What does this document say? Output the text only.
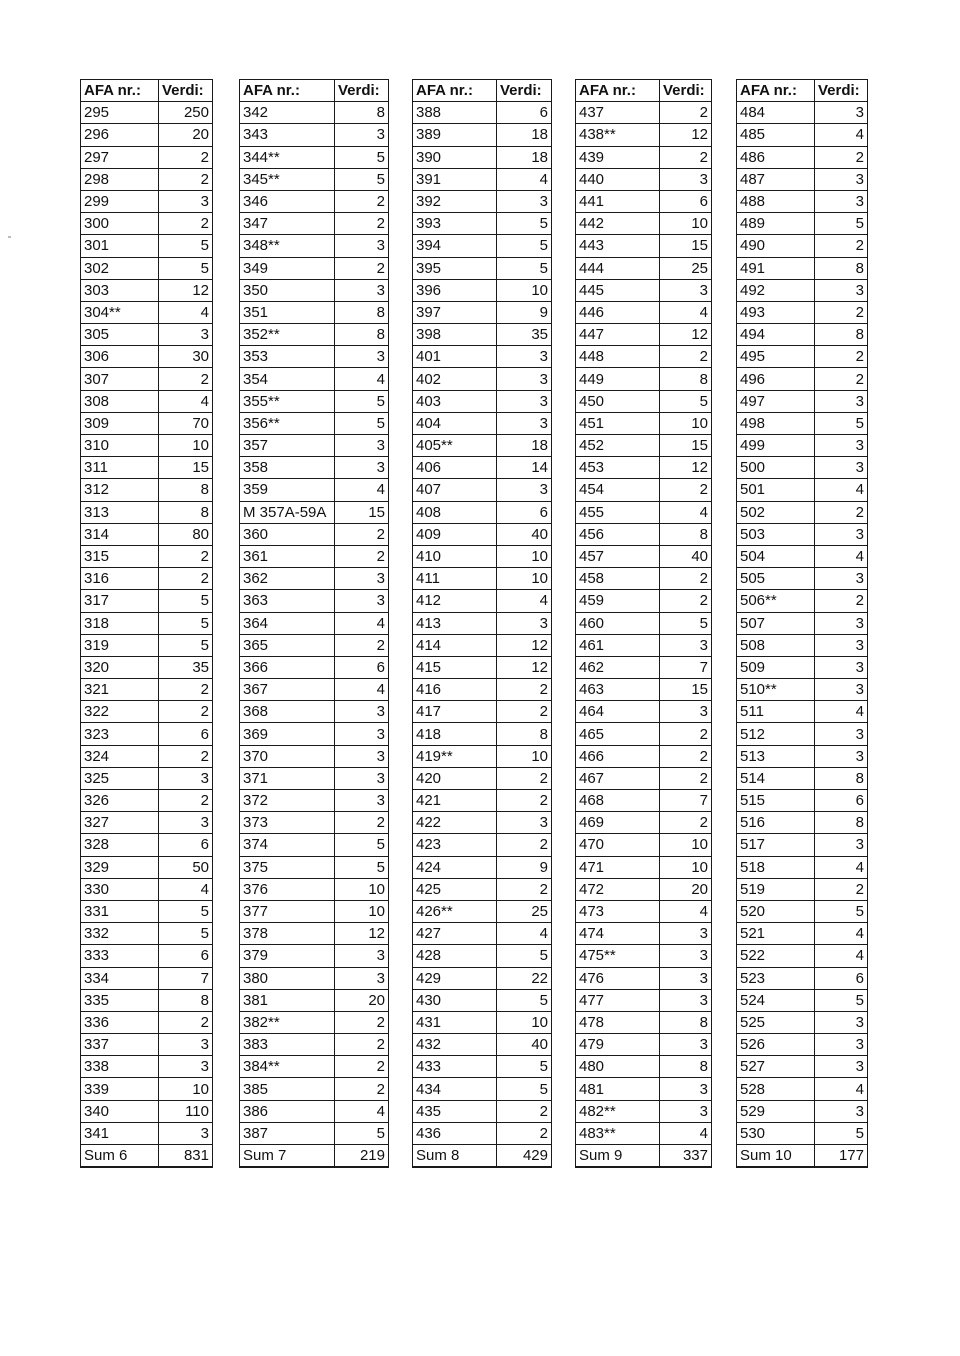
AFA nr.:	Verdi:
295	250
296	20
297	2
298	2
299	3
300	2
301	5
302	5
303	12
304**	4
305	3
306	30
307	2
308	4
309	70
310	10
311	15
312	8
313	8
314	80
315	2
316	2
317	5
318	5
319	5
320	35
321	2
322	2
323	6
324	2
325	3
326	2
327	3
328	6
329	50
330	4
331	5
332	5
333	6
334	7
335	8
336	2
337	3
338	3
339	10
340	110
341	3
Sum 6	831
AFA nr.:	Verdi:
342	8
343	3
344**	5
345**	5
346	2
347	2
348**	3
349	2
350	3
351	8
352**	8
353	3
354	4
355**	5
356**	5
357	3
358	3
359	4
M 357A-59A	15
360	2
361	2
362	3
363	3
364	4
365	2
366	6
367	4
368	3
369	3
370	3
371	3
372	3
373	2
374	5
375	5
376	10
377	10
378	12
379	3
380	3
381	20
382**	2
383	2
384**	2
385	2
386	4
387	5
Sum 7	219
AFA nr.:	Verdi:
388	6
389	18
390	18
391	4
392	3
393	5
394	5
395	5
396	10
397	9
398	35
401	3
402	3
403	3
404	3
405**	18
406	14
407	3
408	6
409	40
410	10
411	10
412	4
413	3
414	12
415	12
416	2
417	2
418	8
419**	10
420	2
421	2
422	3
423	2
424	9
425	2
426**	25
427	4
428	5
429	22
430	5
431	10
432	40
433	5
434	5
435	2
436	2
Sum 8	429
AFA nr.:	Verdi:
437	2
438**	12
439	2
440	3
441	6
442	10
443	15
444	25
445	3
446	4
447	12
448	2
449	8
450	5
451	10
452	15
453	12
454	2
455	4
456	8
457	40
458	2
459	2
460	5
461	3
462	7
463	15
464	3
465	2
466	2
467	2
468	7
469	2
470	10
471	10
472	20
473	4
474	3
475**	3
476	3
477	3
478	8
479	3
480	8
481	3
482**	3
483**	4
Sum 9	337
AFA nr.:	Verdi:
484	3
485	4
486	2
487	3
488	3
489	5
490	2
491	8
492	3
493	2
494	8
495	2
496	2
497	3
498	5
499	3
500	3
501	4
502	2
503	3
504	4
505	3
506**	2
507	3
508	3
509	3
510**	3
511	4
512	3
513	3
514	8
515	6
516	8
517	3
518	4
519	2
520	5
521	4
522	4
523	6
524	5
525	3
526	3
527	3
528	4
529	3
530	5
Sum 10	177
